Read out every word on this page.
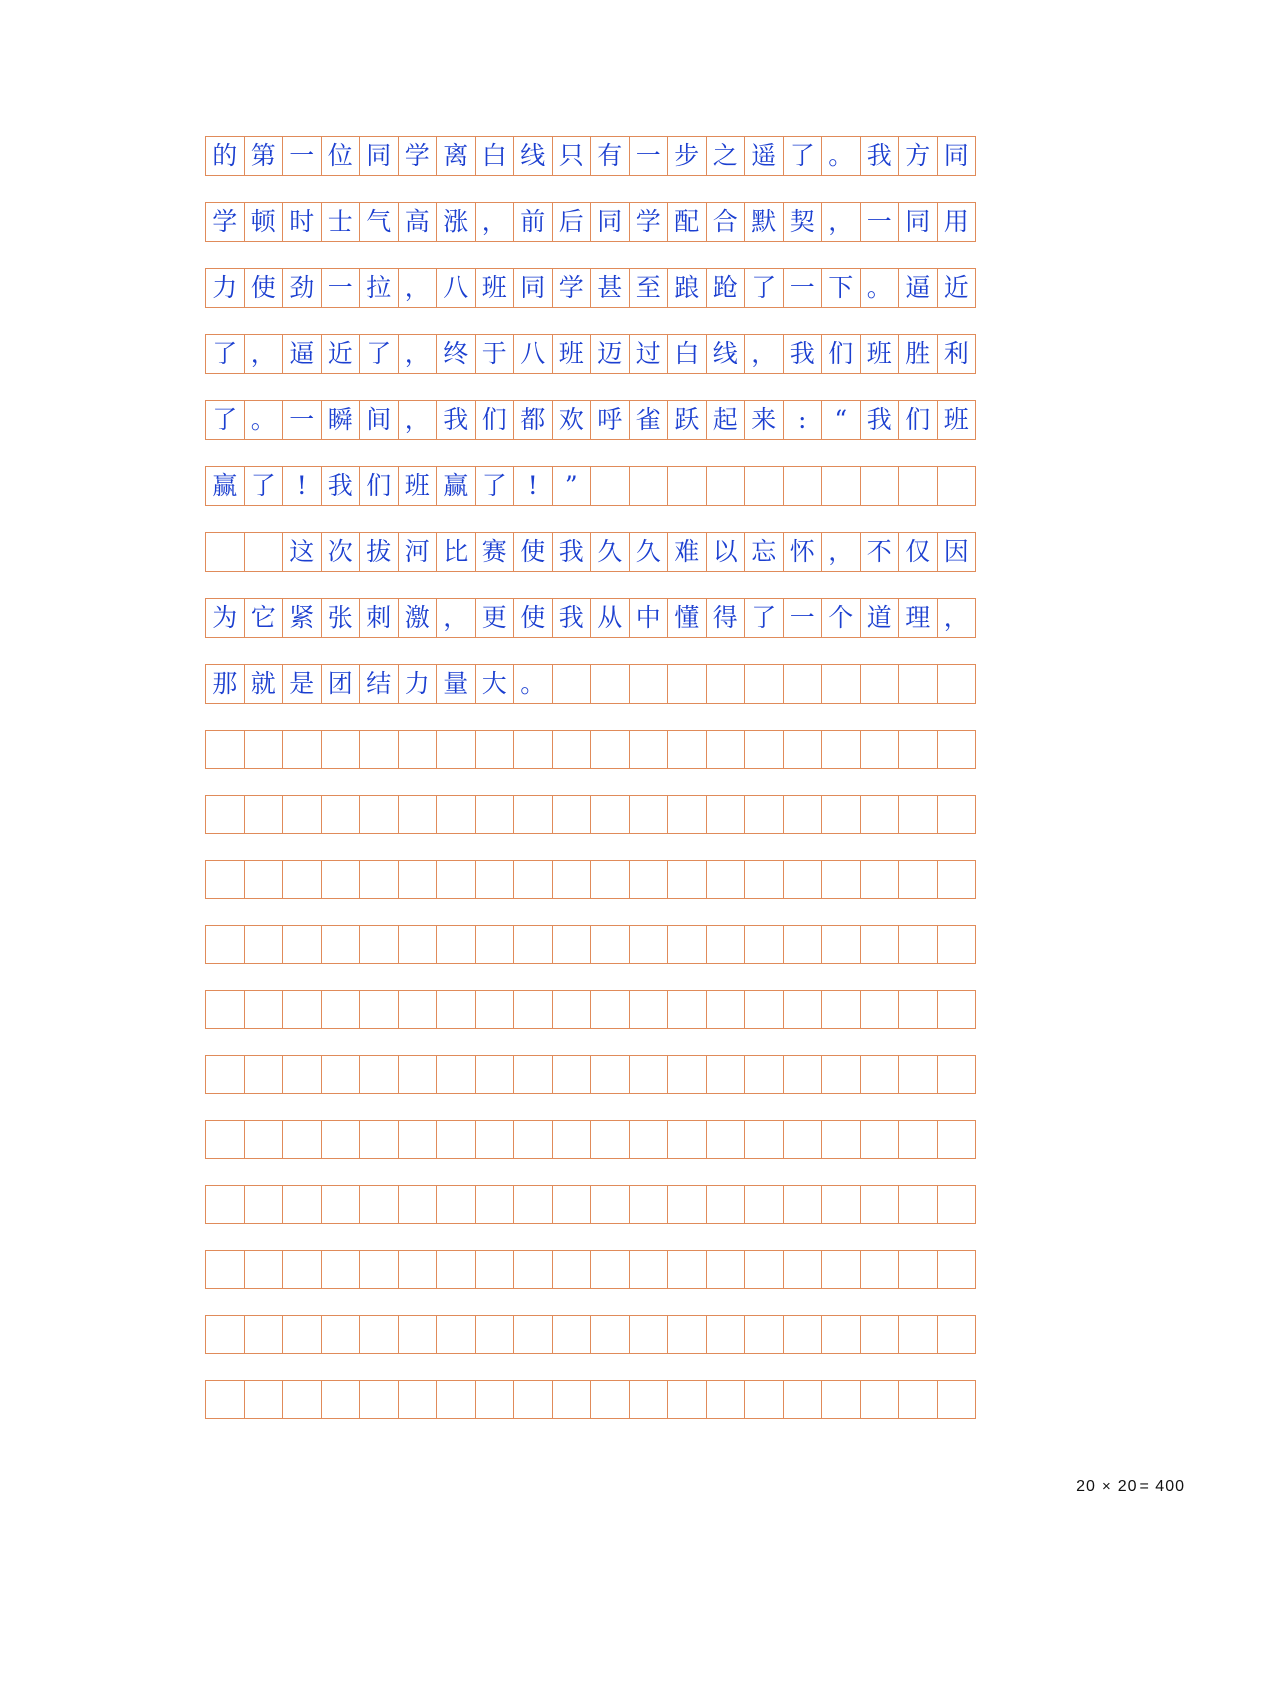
的	第	一	位	同	学	离	白	线	只	有	一	步	之	遥	了	。	我	方	同

学	顿	时	士	气	高	涨	，	前	后	同	学	配	合	默	契	，	一	同	用

力	使	劲	一	拉	，	八	班	同	学	甚	至	踉	跄	了	一	下	。	逼	近

了	，	逼	近	了	，	终	于	八	班	迈	过	白	线	，	我	们	班	胜	利

了	。	一	瞬	间	，	我	们	都	欢	呼	雀	跃	起	来	:	“	我	们	班

赢	了	!	我	们	班	赢	了	!	”										

		这	次	拔	河	比	赛	使	我	久	久	难	以	忘	怀	，	不	仅	因

为	它	紧	张	刺	激	，	更	使	我	从	中	懂	得	了	一	个	道	理	，

那	就	是	团	结	力	量	大	。											

20 × 20 = 400
